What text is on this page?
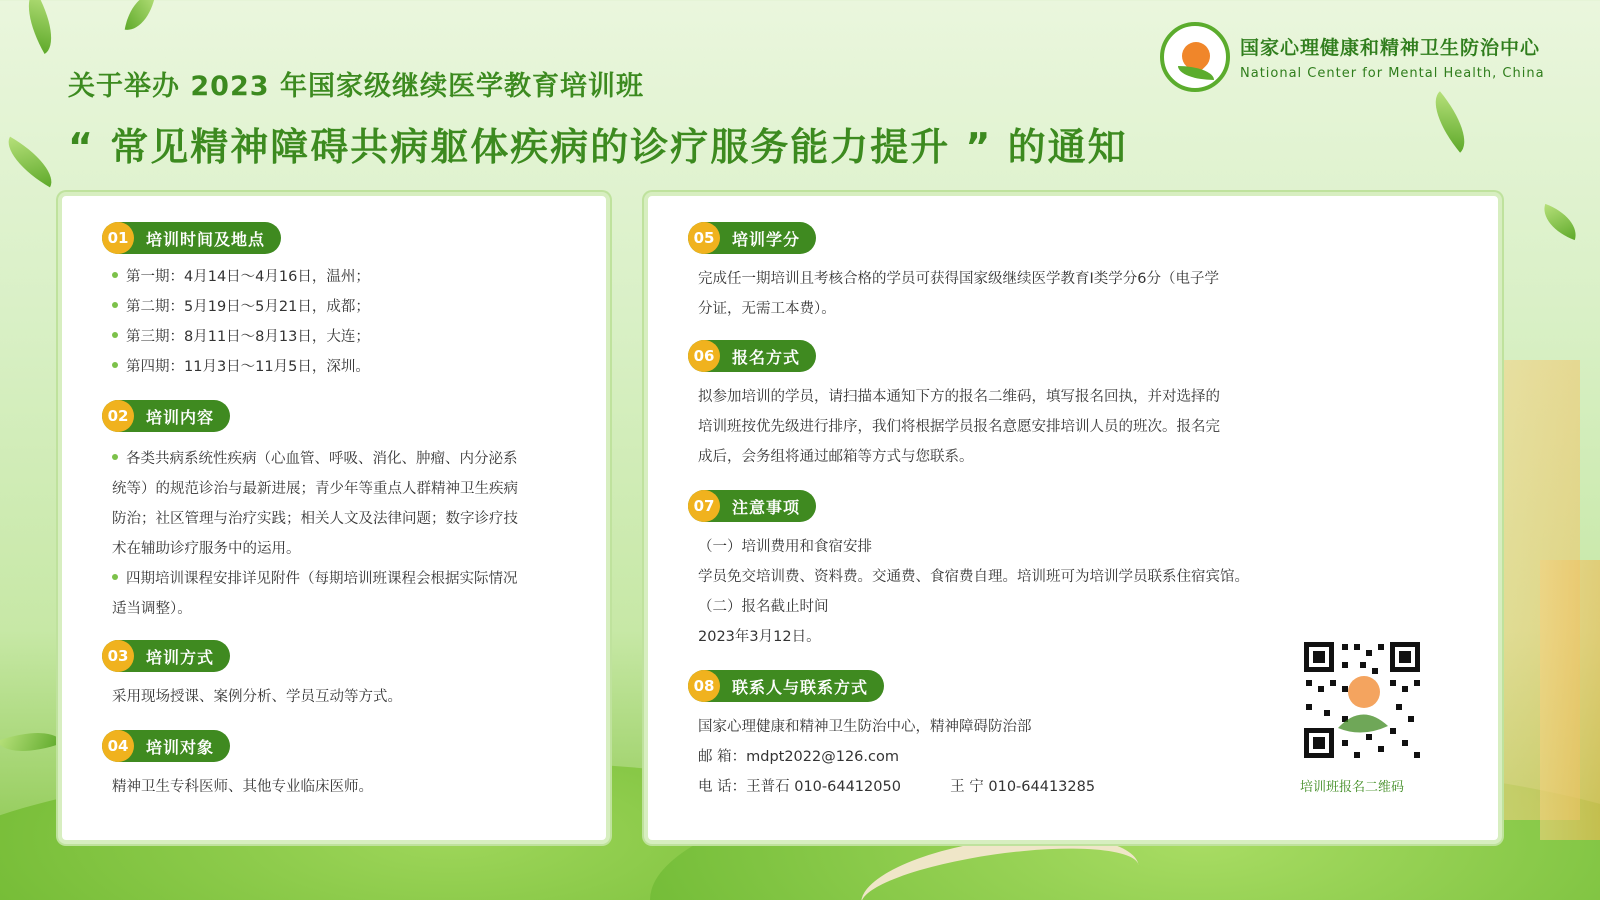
关于举办 2023 年国家级继续医学教育培训班
“ 常见精神障碍共病躯体疾病的诊疗服务能力提升 ” 的通知
国家心理健康和精神卫生防治中心
National Center for Mental Health, China
01	培训时间及地点
第一期：4月14日～4月16日，温州；
第二期：5月19日～5月21日，成都；
第三期：8月11日～8月13日，大连；
第四期：11月3日～11月5日，深圳。
02	培训内容
各类共病系统性疾病（心血管、呼吸、消化、肿瘤、内分泌系
统等）的规范诊治与最新进展；青少年等重点人群精神卫生疾病
防治；社区管理与治疗实践；相关人文及法律问题；数字诊疗技
术在辅助诊疗服务中的运用。
四期培训课程安排详见附件（每期培训班课程会根据实际情况
适当调整）。
03	培训方式
采用现场授课、案例分析、学员互动等方式。
04	培训对象
精神卫生专科医师、其他专业临床医师。
05	培训学分
完成任一期培训且考核合格的学员可获得国家级继续医学教育I类学分6分（电子学
分证，无需工本费）。
06	报名方式
拟参加培训的学员，请扫描本通知下方的报名二维码，填写报名回执，并对选择的
培训班按优先级进行排序，我们将根据学员报名意愿安排培训人员的班次。报名完
成后，会务组将通过邮箱等方式与您联系。
07	注意事项
（一）培训费用和食宿安排
学员免交培训费、资料费。交通费、食宿费自理。培训班可为培训学员联系住宿宾馆。
（二）报名截止时间
2023年3月12日。
08	联系人与联系方式
国家心理健康和精神卫生防治中心，精神障碍防治部
邮 箱：mdpt2022@126.com
电 话：王普石 010-64412050	王 宁 010-64413285	培训班报名二维码
